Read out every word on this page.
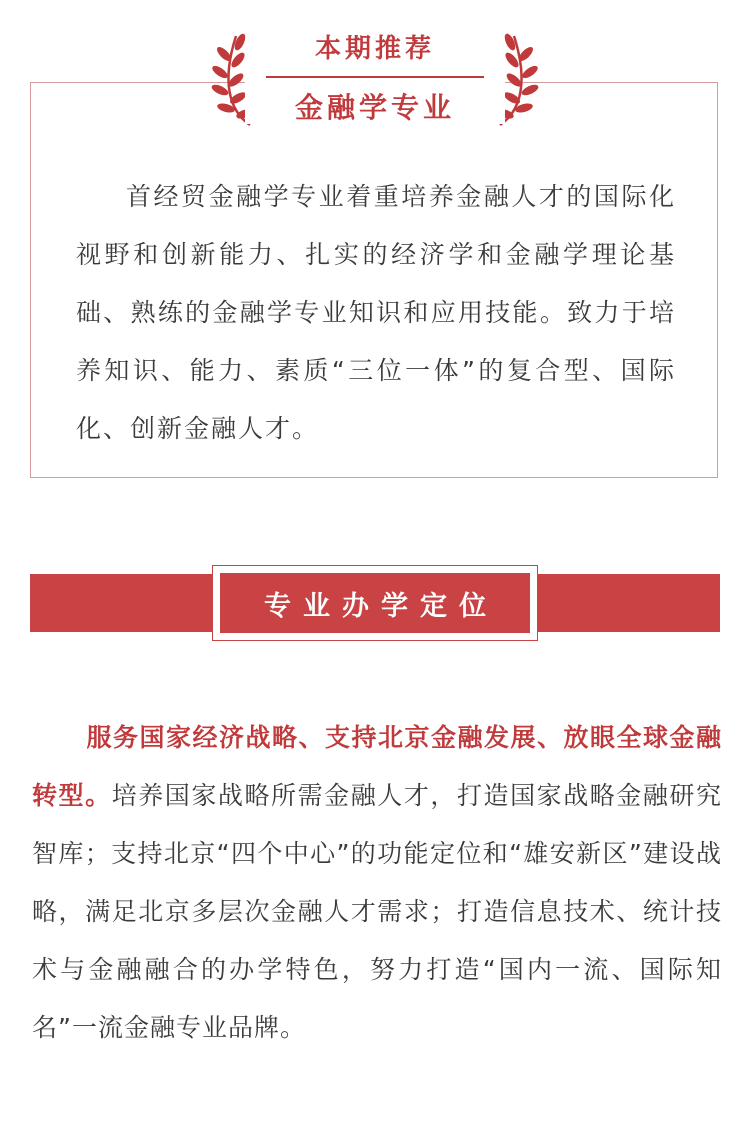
本期推荐
金融学专业
首经贸金融学专业着重培养金融人才的国际化视野和创新能力、扎实的经济学和金融学理论基础、熟练的金融学专业知识和应用技能。致力于培养知识、能力、素质“三位一体”的复合型、国际化、创新金融人才。
专业办学定位
服务国家经济战略、支持北京金融发展、放眼全球金融转型。培养国家战略所需金融人才，打造国家战略金融研究智库；支持北京“四个中心”的功能定位和“雄安新区”建设战略，满足北京多层次金融人才需求；打造信息技术、统计技术与金融融合的办学特色，努力打造“国内一流、国际知名”一流金融专业品牌。
